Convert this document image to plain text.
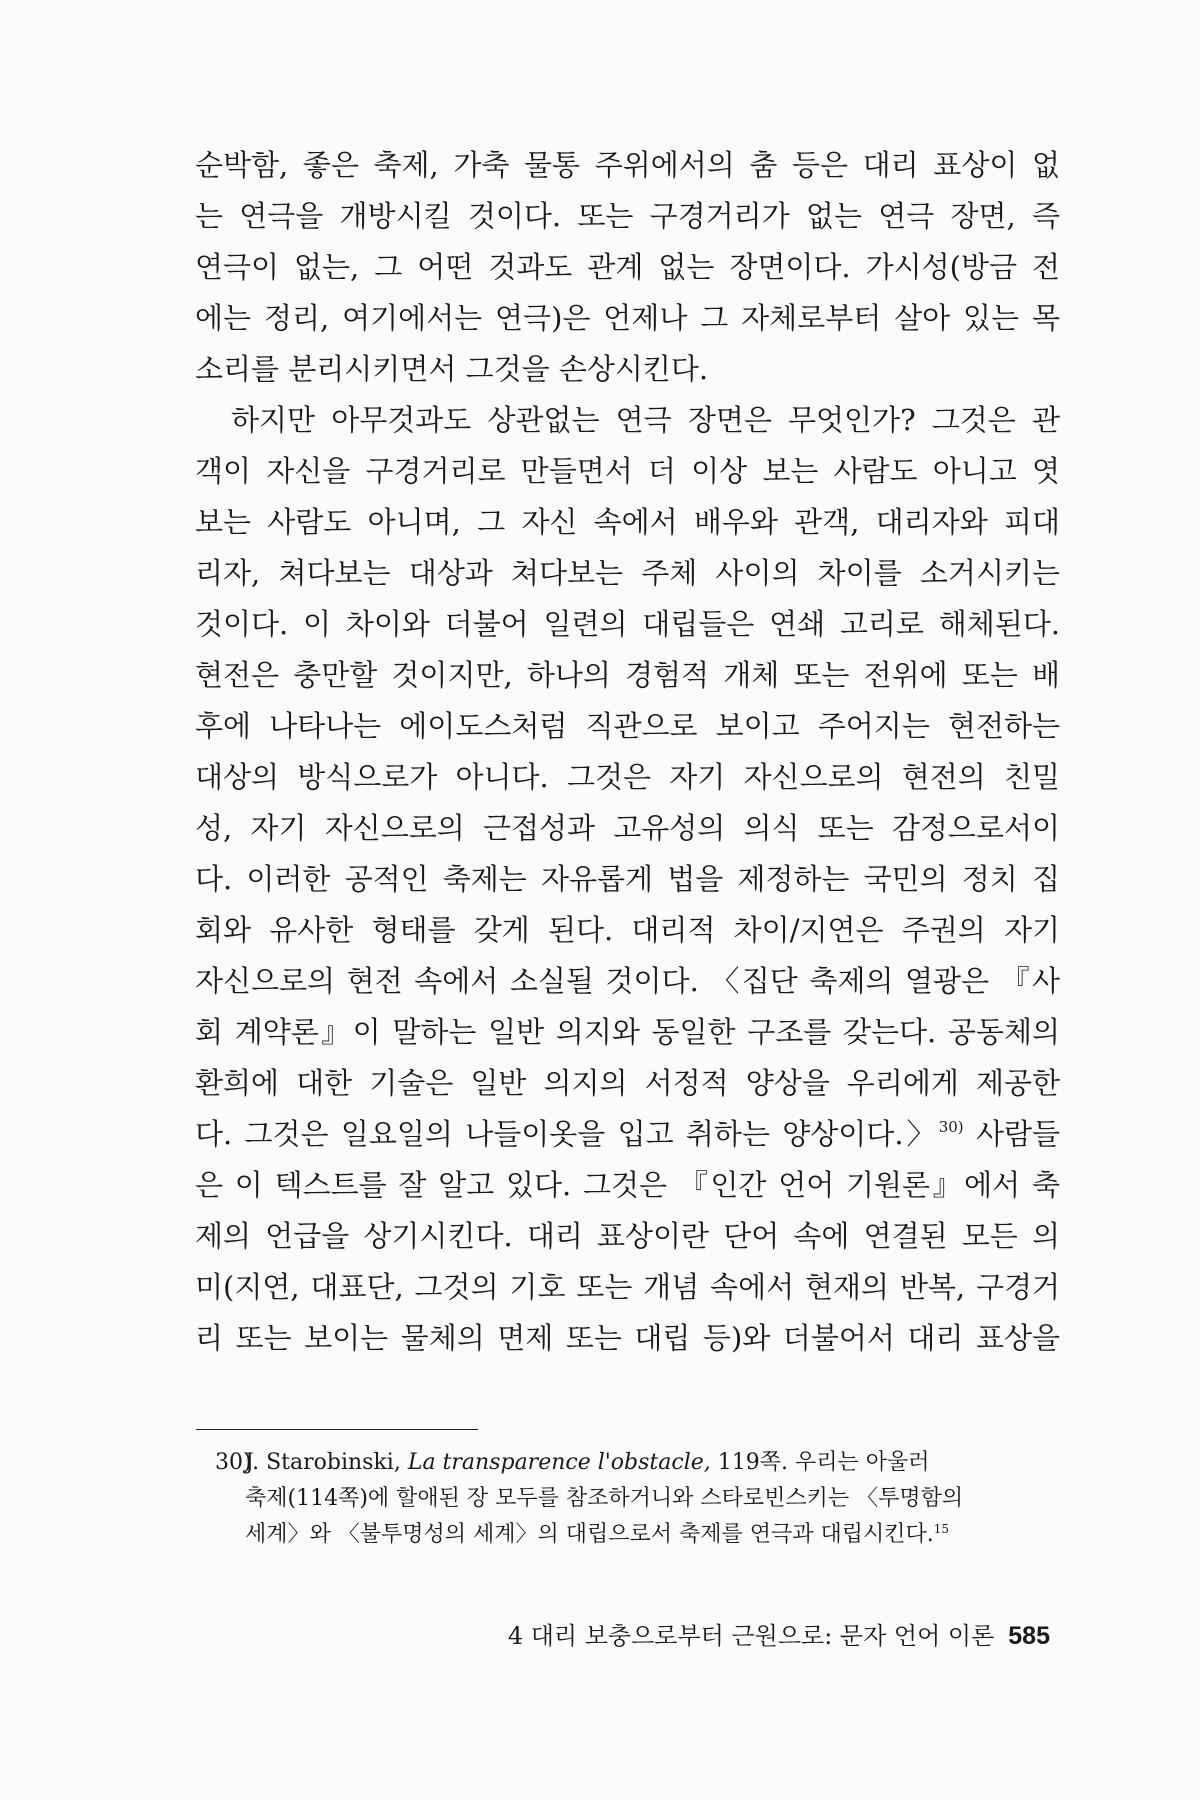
순박함, 좋은 축제, 가축 물통 주위에서의 춤 등은 대리 표상이 없
는 연극을 개방시킬 것이다. 또는 구경거리가 없는 연극 장면, 즉
연극이 없는, 그 어떤 것과도 관계 없는 장면이다. 가시성(방금 전
에는 정리, 여기에서는 연극)은 언제나 그 자체로부터 살아 있는 목
소리를 분리시키면서 그것을 손상시킨다.
하지만 아무것과도 상관없는 연극 장면은 무엇인가? 그것은 관
객이 자신을 구경거리로 만들면서 더 이상 보는 사람도 아니고 엿
보는 사람도 아니며, 그 자신 속에서 배우와 관객, 대리자와 피대
리자, 쳐다보는 대상과 쳐다보는 주체 사이의 차이를 소거시키는
것이다. 이 차이와 더불어 일련의 대립들은 연쇄 고리로 해체된다.
현전은 충만할 것이지만, 하나의 경험적 개체 또는 전위에 또는 배
후에 나타나는 에이도스처럼 직관으로 보이고 주어지는 현전하는
대상의 방식으로가 아니다. 그것은 자기 자신으로의 현전의 친밀
성, 자기 자신으로의 근접성과 고유성의 의식 또는 감정으로서이
다. 이러한 공적인 축제는 자유롭게 법을 제정하는 국민의 정치 집
회와 유사한 형태를 갖게 된다. 대리적 차이/지연은 주권의 자기
자신으로의 현전 속에서 소실될 것이다. 〈집단 축제의 열광은 『사
회 계약론』이 말하는 일반 의지와 동일한 구조를 갖는다. 공동체의
환희에 대한 기술은 일반 의지의 서정적 양상을 우리에게 제공한
다. 그것은 일요일의 나들이옷을 입고 취하는 양상이다.〉$^{30)}$ 사람들
은 이 텍스트를 잘 알고 있다. 그것은 『인간 언어 기원론』에서 축
제의 언급을 상기시킨다. 대리 표상이란 단어 속에 연결된 모든 의
미(지연, 대표단, 그것의 기호 또는 개념 속에서 현재의 반복, 구경거
리 또는 보이는 물체의 면제 또는 대립 등)와 더불어서 대리 표상을
30)J. Starobinski, La transparence l'obstacle, 119쪽. 우리는 아울러
축제(114쪽)에 할애된 장 모두를 참조하거니와 스타로빈스키는 〈투명함의
세계〉와 〈불투명성의 세계〉의 대립으로서 축제를 연극과 대립시킨다.$^{15}$
4 대리 보충으로부터 근원으로: 문자 언어 이론 585
